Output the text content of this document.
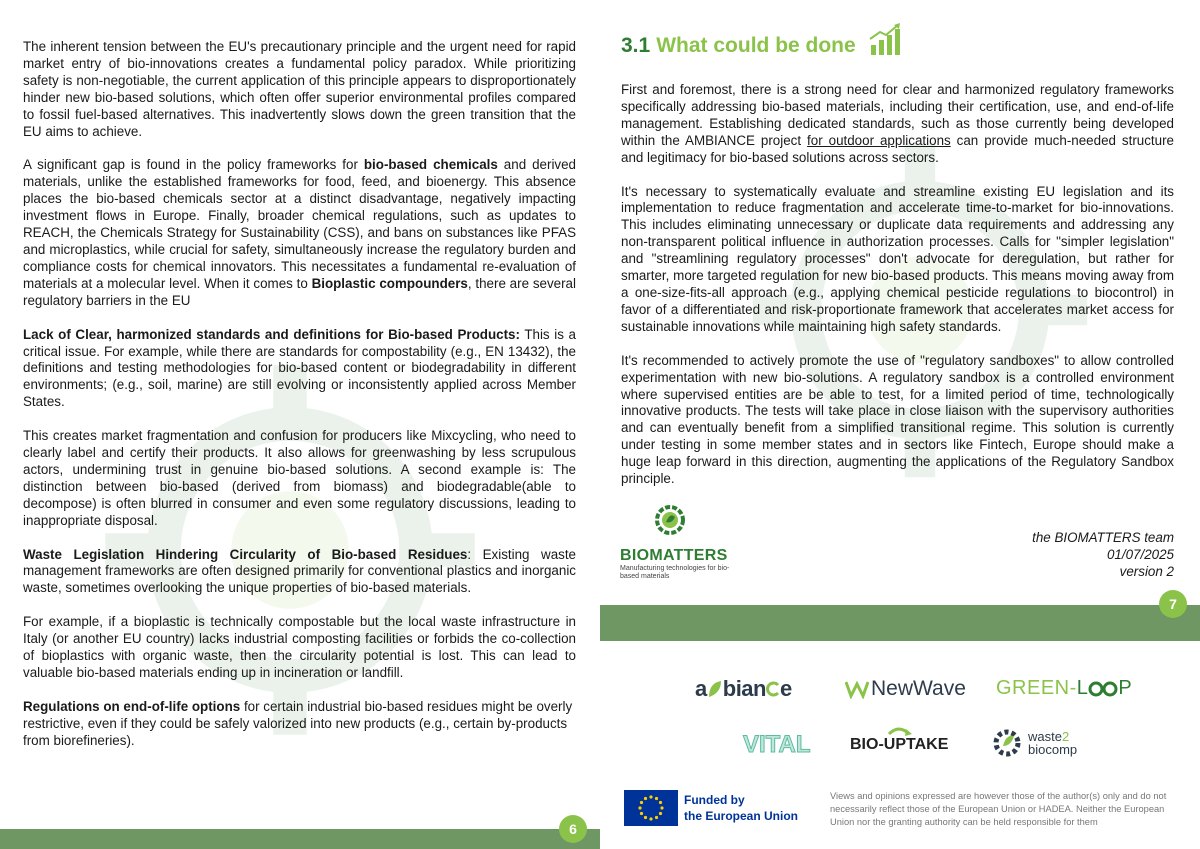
The inherent tension between the EU's precautionary principle and the urgent need for rapid market entry of bio-innovations creates a fundamental policy paradox. While prioritizing safety is non-negotiable, the current application of this principle appears to disproportionately hinder new bio-based solutions, which often offer superior environmental profiles compared to fossil fuel-based alternatives. This inadvertently slows down the green transition that the EU aims to achieve.

A significant gap is found in the policy frameworks for bio-based chemicals and derived materials, unlike the established frameworks for food, feed, and bioenergy. This absence places the bio-based chemicals sector at a distinct disadvantage, negatively impacting investment flows in Europe. Finally, broader chemical regulations, such as updates to REACH, the Chemicals Strategy for Sustainability (CSS), and bans on substances like PFAS and microplastics, while crucial for safety, simultaneously increase the regulatory burden and compliance costs for chemical innovators. This necessitates a fundamental re-evaluation of materials at a molecular level. When it comes to Bioplastic compounders, there are several regulatory barriers in the EU

Lack of Clear, harmonized standards and definitions for Bio-based Products: This is a critical issue. For example, while there are standards for compostability (e.g., EN 13432), the definitions and testing methodologies for bio-based content or biodegradability in different environments; (e.g., soil, marine) are still evolving or inconsistently applied across Member States.

This creates market fragmentation and confusion for producers like Mixcycling, who need to clearly label and certify their products. It also allows for greenwashing by less scrupulous actors, undermining trust in genuine bio-based solutions. A second example is: The distinction between bio-based (derived from biomass) and biodegradable(able to decompose) is often blurred in consumer and even some regulatory discussions, leading to inappropriate disposal.

Waste Legislation Hindering Circularity of Bio-based Residues: Existing waste management frameworks are often designed primarily for conventional plastics and inorganic waste, sometimes overlooking the unique properties of bio-based materials.

For example, if a bioplastic is technically compostable but the local waste infrastructure in Italy (or another EU country) lacks industrial composting facilities or forbids the co-collection of bioplastics with organic waste, then the circularity potential is lost. This can lead to valuable bio-based materials ending up in incineration or landfill.

Regulations on end-of-life options for certain industrial bio-based residues might be overly restrictive, even if they could be safely valorized into new products (e.g., certain by-products from biorefineries).

6
3.1 What could be done

First and foremost, there is a strong need for clear and harmonized regulatory frameworks specifically addressing bio-based materials, including their certification, use, and end-of-life management. Establishing dedicated standards, such as those currently being developed within the AMBIANCE project for outdoor applications can provide much-needed structure and legitimacy for bio-based solutions across sectors.

It's necessary to systematically evaluate and streamline existing EU legislation and its implementation to reduce fragmentation and accelerate time-to-market for bio-innovations. This includes eliminating unnecessary or duplicate data requirements and addressing any non-transparent political influence in authorization processes. Calls for "simpler legislation" and "streamlining regulatory processes" don't advocate for deregulation, but rather for smarter, more targeted regulation for new bio-based products. This means moving away from a one-size-fits-all approach (e.g., applying chemical pesticide regulations to biocontrol) in favor of a differentiated and risk-proportionate framework that accelerates market access for sustainable innovations while maintaining high safety standards.

It's recommended to actively promote the use of "regulatory sandboxes" to allow controlled experimentation with new bio-solutions. A regulatory sandbox is a controlled environment where supervised entities are be able to test, for a limited period of time, technologically innovative products. The tests will take place in close liaison with the supervisory authorities and can eventually benefit from a simplified transitional regime. This solution is currently under testing in some member states and in sectors like Fintech, Europe should make a huge leap forward in this direction, augmenting the applications of the Regulatory Sandbox principle.

BIOMATTERS
Manufacturing technologies for bio-based materials
the BIOMATTERS team
01/07/2025
version 2
7
a bian e	NewWave GREEN- L P
VITAL BIO-UPTAKE	waste2
biocomp
Funded by
the European Union
Views and opinions expressed are however those of the author(s) only and do not necessarily reflect those of the European Union or HADEA. Neither the European Union nor the granting authority can be held responsible for them
